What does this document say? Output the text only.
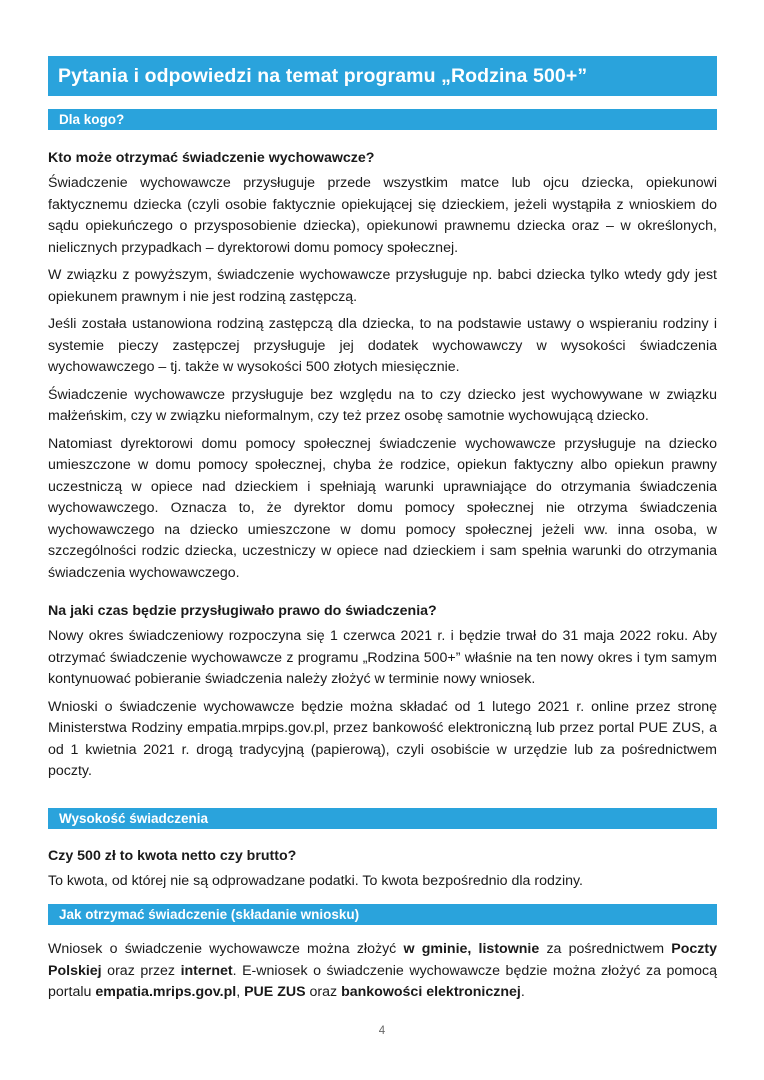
Pytania i odpowiedzi na temat programu „Rodzina 500+”
Dla kogo?

Kto może otrzymać świadczenie wychowawcze?

Świadczenie wychowawcze przysługuje przede wszystkim matce lub ojcu dziecka, opiekunowi faktycznemu dziecka (czyli osobie faktycznie opiekującej się dzieckiem, jeżeli wystąpiła z wnioskiem do sądu opiekuńczego o przysposobienie dziecka), opiekunowi prawnemu dziecka oraz – w określonych, nielicznych przypadkach – dyrektorowi domu pomocy społecznej.

W związku z powyższym, świadczenie wychowawcze przysługuje np. babci dziecka tylko wtedy gdy jest opiekunem prawnym i nie jest rodziną zastępczą.

Jeśli została ustanowiona rodziną zastępczą dla dziecka, to na podstawie ustawy o wspieraniu rodziny i systemie pieczy zastępczej przysługuje jej dodatek wychowawczy w wysokości świadczenia wychowawczego – tj. także w wysokości 500 złotych miesięcznie.

Świadczenie wychowawcze przysługuje bez względu na to czy dziecko jest wychowywane w związku małżeńskim, czy w związku nieformalnym, czy też przez osobę samotnie wychowującą dziecko.

Natomiast dyrektorowi domu pomocy społecznej świadczenie wychowawcze przysługuje na dziecko umieszczone w domu pomocy społecznej, chyba że rodzice, opiekun faktyczny albo opiekun prawny uczestniczą w opiece nad dzieckiem i spełniają warunki uprawniające do otrzymania świadczenia wychowawczego. Oznacza to, że dyrektor domu pomocy społecznej nie otrzyma świadczenia wychowawczego na dziecko umieszczone w domu pomocy społecznej jeżeli ww. inna osoba, w szczególności rodzic dziecka, uczestniczy w opiece nad dzieckiem i sam spełnia warunki do otrzymania świadczenia wychowawczego.

Na jaki czas będzie przysługiwało prawo do świadczenia?

Nowy okres świadczeniowy rozpoczyna się 1 czerwca 2021 r. i będzie trwał do 31 maja 2022 roku. Aby otrzymać świadczenie wychowawcze z programu „Rodzina 500+” właśnie na ten nowy okres i tym samym kontynuować pobieranie świadczenia należy złożyć w terminie nowy wniosek.

Wnioski o świadczenie wychowawcze będzie można składać od 1 lutego 2021 r. online przez stronę Ministerstwa Rodziny empatia.mrpips.gov.pl, przez bankowość elektroniczną lub przez portal PUE ZUS, a od 1 kwietnia 2021 r. drogą tradycyjną (papierową), czyli osobiście w urzędzie lub za pośrednictwem poczty.

Wysokość świadczenia

Czy 500 zł to kwota netto czy brutto?

To kwota, od której nie są odprowadzane podatki. To kwota bezpośrednio dla rodziny.

Jak otrzymać świadczenie (składanie wniosku)

Wniosek o świadczenie wychowawcze można złożyć w gminie, listownie za pośrednictwem Poczty Polskiej oraz przez internet. E-wniosek o świadczenie wychowawcze będzie można złożyć za pomocą portalu empatia.mrips.gov.pl, PUE ZUS oraz bankowości elektronicznej.

4
